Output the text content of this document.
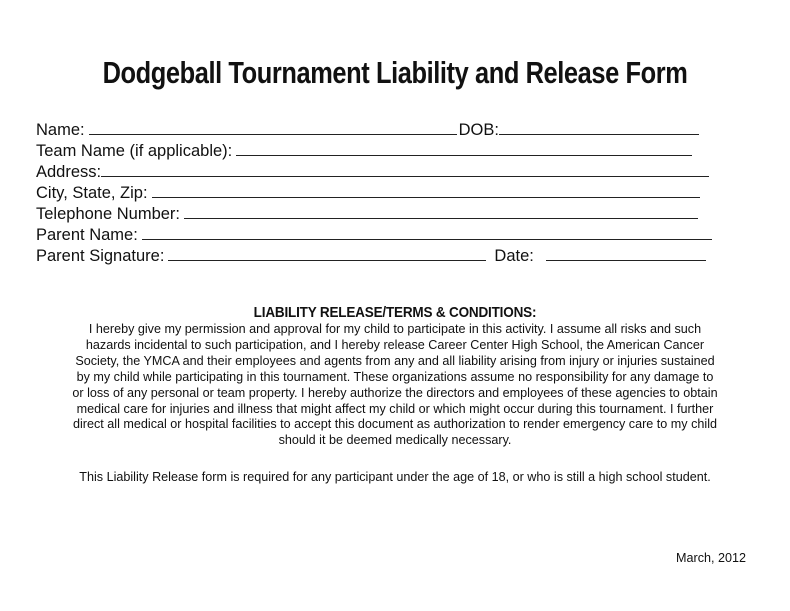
Dodgeball Tournament Liability and Release Form
Name:	DOB:
Team Name (if applicable):
Address:
City, State, Zip:
Telephone Number:
Parent Name:
Parent Signature:	Date:
LIABILITY RELEASE/TERMS & CONDITIONS:

I hereby give my permission and approval for my child to participate in this activity. I assume all risks and such

hazards incidental to such participation, and I hereby release Career Center High School, the American Cancer

Society, the YMCA and their employees and agents from any and all liability arising from injury or injuries sustained

by my child while participating in this tournament. These organizations assume no responsibility for any damage to

or loss of any personal or team property. I hereby authorize the directors and employees of these agencies to obtain

medical care for injuries and illness that might affect my child or which might occur during this tournament. I further

direct all medical or hospital facilities to accept this document as authorization to render emergency care to my child

should it be deemed medically necessary.

This Liability Release form is required for any participant under the age of 18, or who is still a high school student.
March, 2012
